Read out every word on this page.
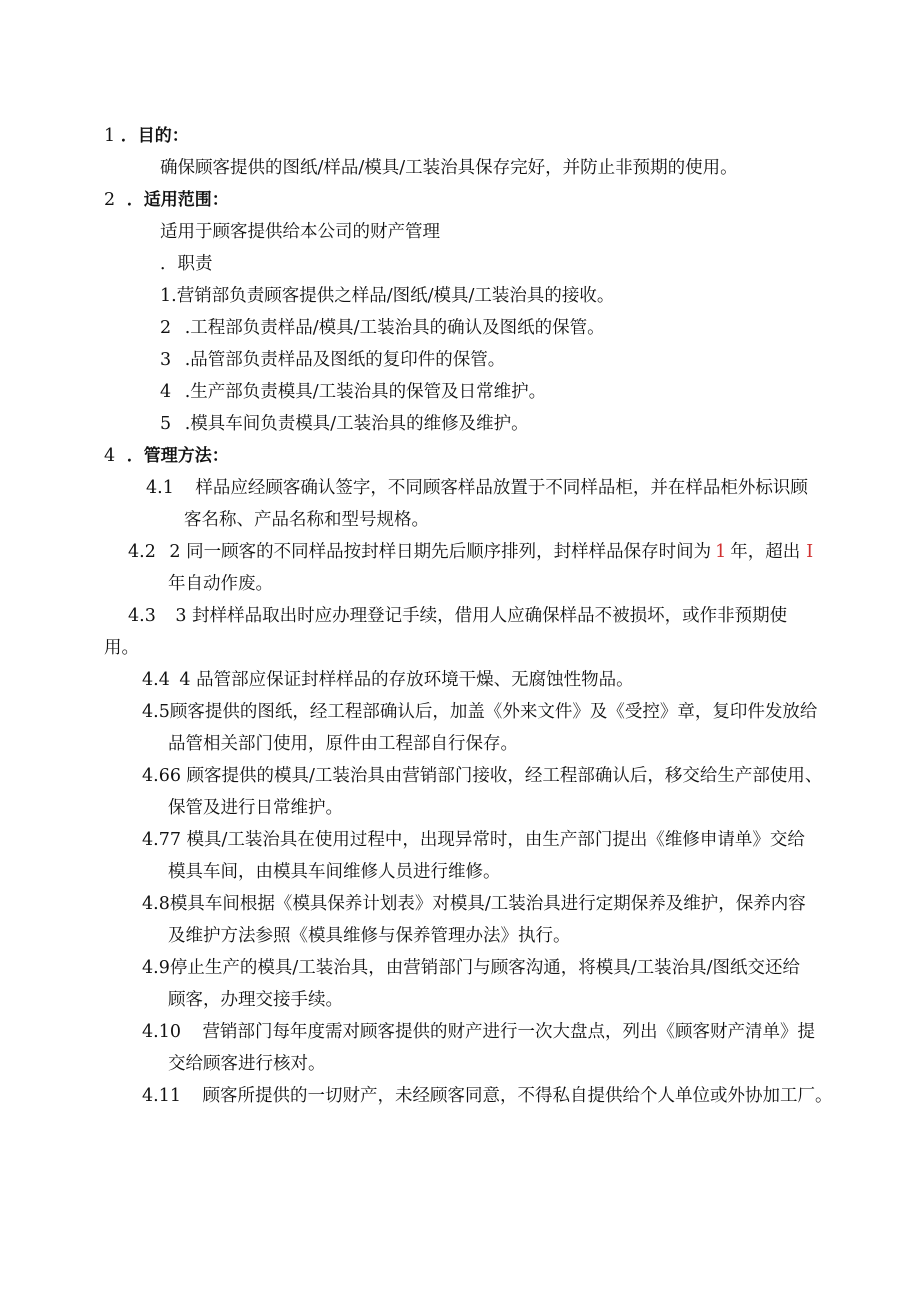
1 ．目的：
确保顾客提供的图纸/样品/模具/工装治具保存完好，并防止非预期的使用。
2 ．适用范围：
适用于顾客提供给本公司的财产管理
．职责
1.营销部负责顾客提供之样品/图纸/模具/工装治具的接收。
2 .工程部负责样品/模具/工装治具的确认及图纸的保管。
3 .品管部负责样品及图纸的复印件的保管。
4 .生产部负责模具/工装治具的保管及日常维护。
5 .模具车间负责模具/工装治具的维修及维护。
4 ．管理方法：
4.1 样品应经顾客确认签字，不同顾客样品放置于不同样品柜，并在样品柜外标识顾
客名称、产品名称和型号规格。
4.2 2 同一顾客的不同样品按封样日期先后顺序排列，封样样品保存时间为 1 年，超出 I
年自动作废。
4.3 3 封样样品取出时应办理登记手续，借用人应确保样品不被损坏，或作非预期使
用。
4.4 4 品管部应保证封样样品的存放环境干燥、无腐蚀性物品。
4.5顾客提供的图纸，经工程部确认后，加盖《外来文件》及《受控》章，复印件发放给
品管相关部门使用，原件由工程部自行保存。
4.66 顾客提供的模具/工装治具由营销部门接收，经工程部确认后，移交给生产部使用、
保管及进行日常维护。
4.77 模具/工装治具在使用过程中，出现异常时，由生产部门提出《维修申请单》交给
模具车间，由模具车间维修人员进行维修。
4.8模具车间根据《模具保养计划表》对模具/工装治具进行定期保养及维护，保养内容
及维护方法参照《模具维修与保养管理办法》执行。
4.9停止生产的模具/工装治具，由营销部门与顾客沟通，将模具/工装治具/图纸交还给
顾客，办理交接手续。
4.10 营销部门每年度需对顾客提供的财产进行一次大盘点，列出《顾客财产清单》提
交给顾客进行核对。
4.11 顾客所提供的一切财产，未经顾客同意，不得私自提供给个人单位或外协加工厂。
